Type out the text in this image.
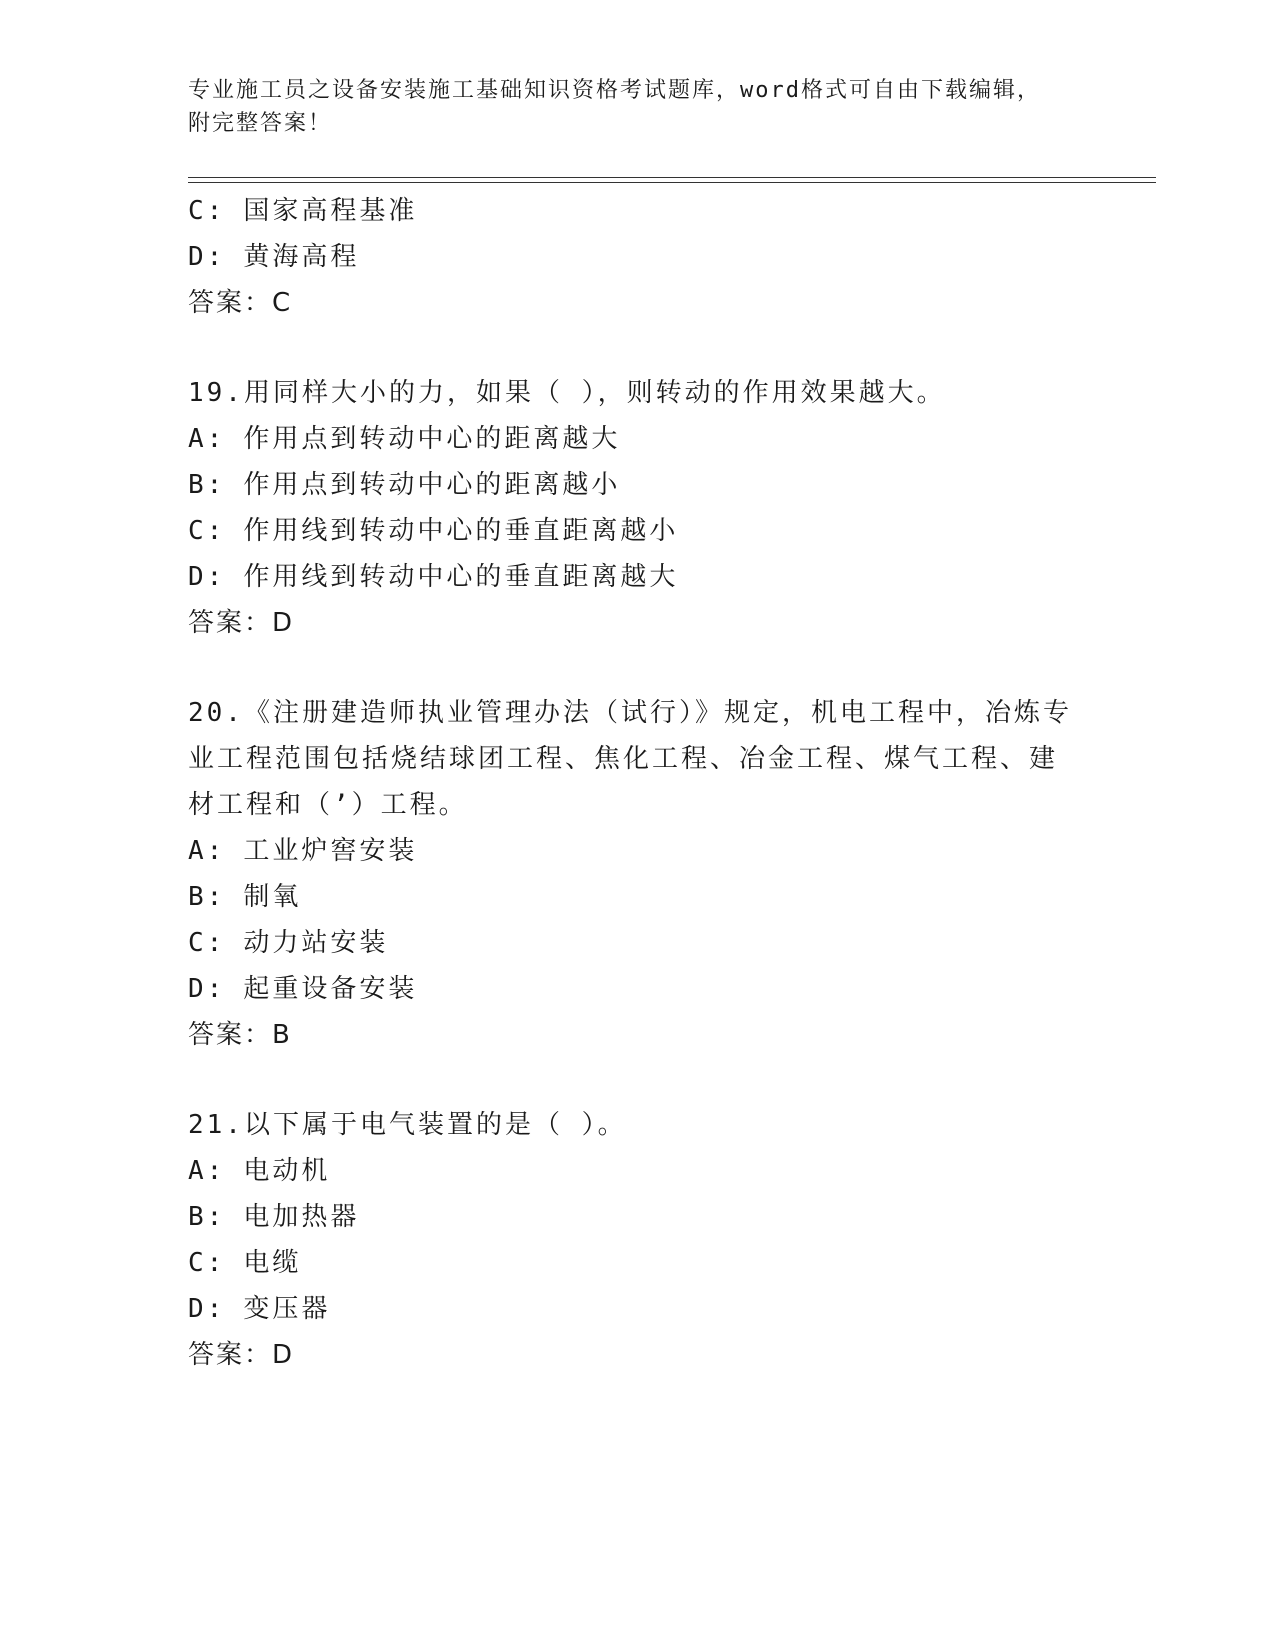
专业施工员之设备安装施工基础知识资格考试题库，word格式可自由下载编辑，
附完整答案！
C: 国家高程基准
D: 黄海高程
答案：C
19.用同样大小的力，如果（ ），则转动的作用效果越大。
A: 作用点到转动中心的距离越大
B: 作用点到转动中心的距离越小
C: 作用线到转动中心的垂直距离越小
D: 作用线到转动中心的垂直距离越大
答案：D
20.《注册建造师执业管理办法（试行）》规定，机电工程中，冶炼专
业工程范围包括烧结球团工程、焦化工程、冶金工程、煤气工程、建
材工程和（’）工程。
A: 工业炉窖安装
B: 制氧
C: 动力站安装
D: 起重设备安装
答案：B
21.以下属于电气装置的是（ ）。
A: 电动机
B: 电加热器
C: 电缆
D: 变压器
答案：D
